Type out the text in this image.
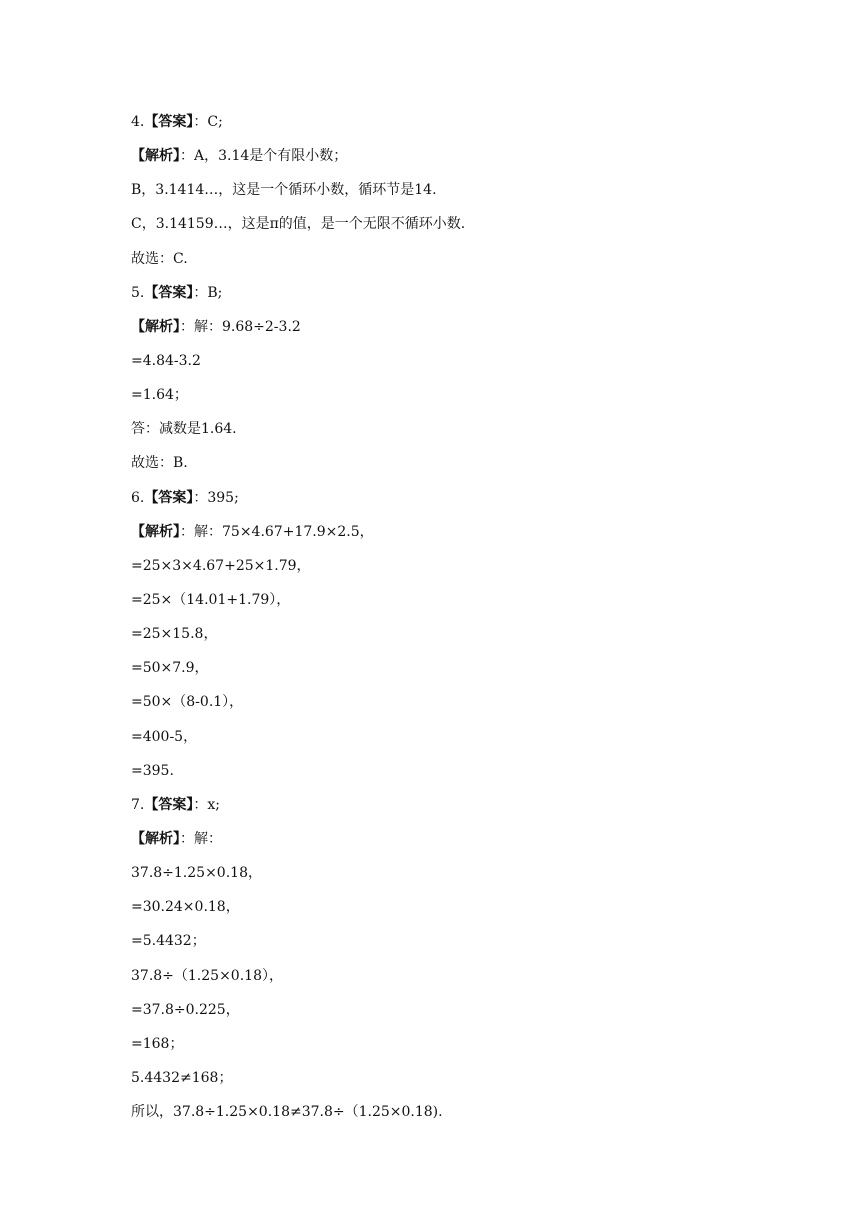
4.【答案】：C;
【解析】：A，3.14是个有限小数；
B，3.1414…，这是一个循环小数，循环节是14.
C，3.14159…，这是π的值，是一个无限不循环小数.
故选：C.
5.【答案】：B;
【解析】：解：9.68÷2-3.2
=4.84-3.2
=1.64；
答：减数是1.64.
故选：B.
6.【答案】：395;
【解析】：解：75×4.67+17.9×2.5，
=25×3×4.67+25×1.79，
=25×（14.01+1.79），
=25×15.8，
=50×7.9，
=50×（8-0.1），
=400-5，
=395.
7.【答案】：x;
【解析】：解：
37.8÷1.25×0.18，
=30.24×0.18，
=5.4432；
37.8÷（1.25×0.18），
=37.8÷0.225，
=168；
5.4432≠168；
所以，37.8÷1.25×0.18≠37.8÷（1.25×0.18).
